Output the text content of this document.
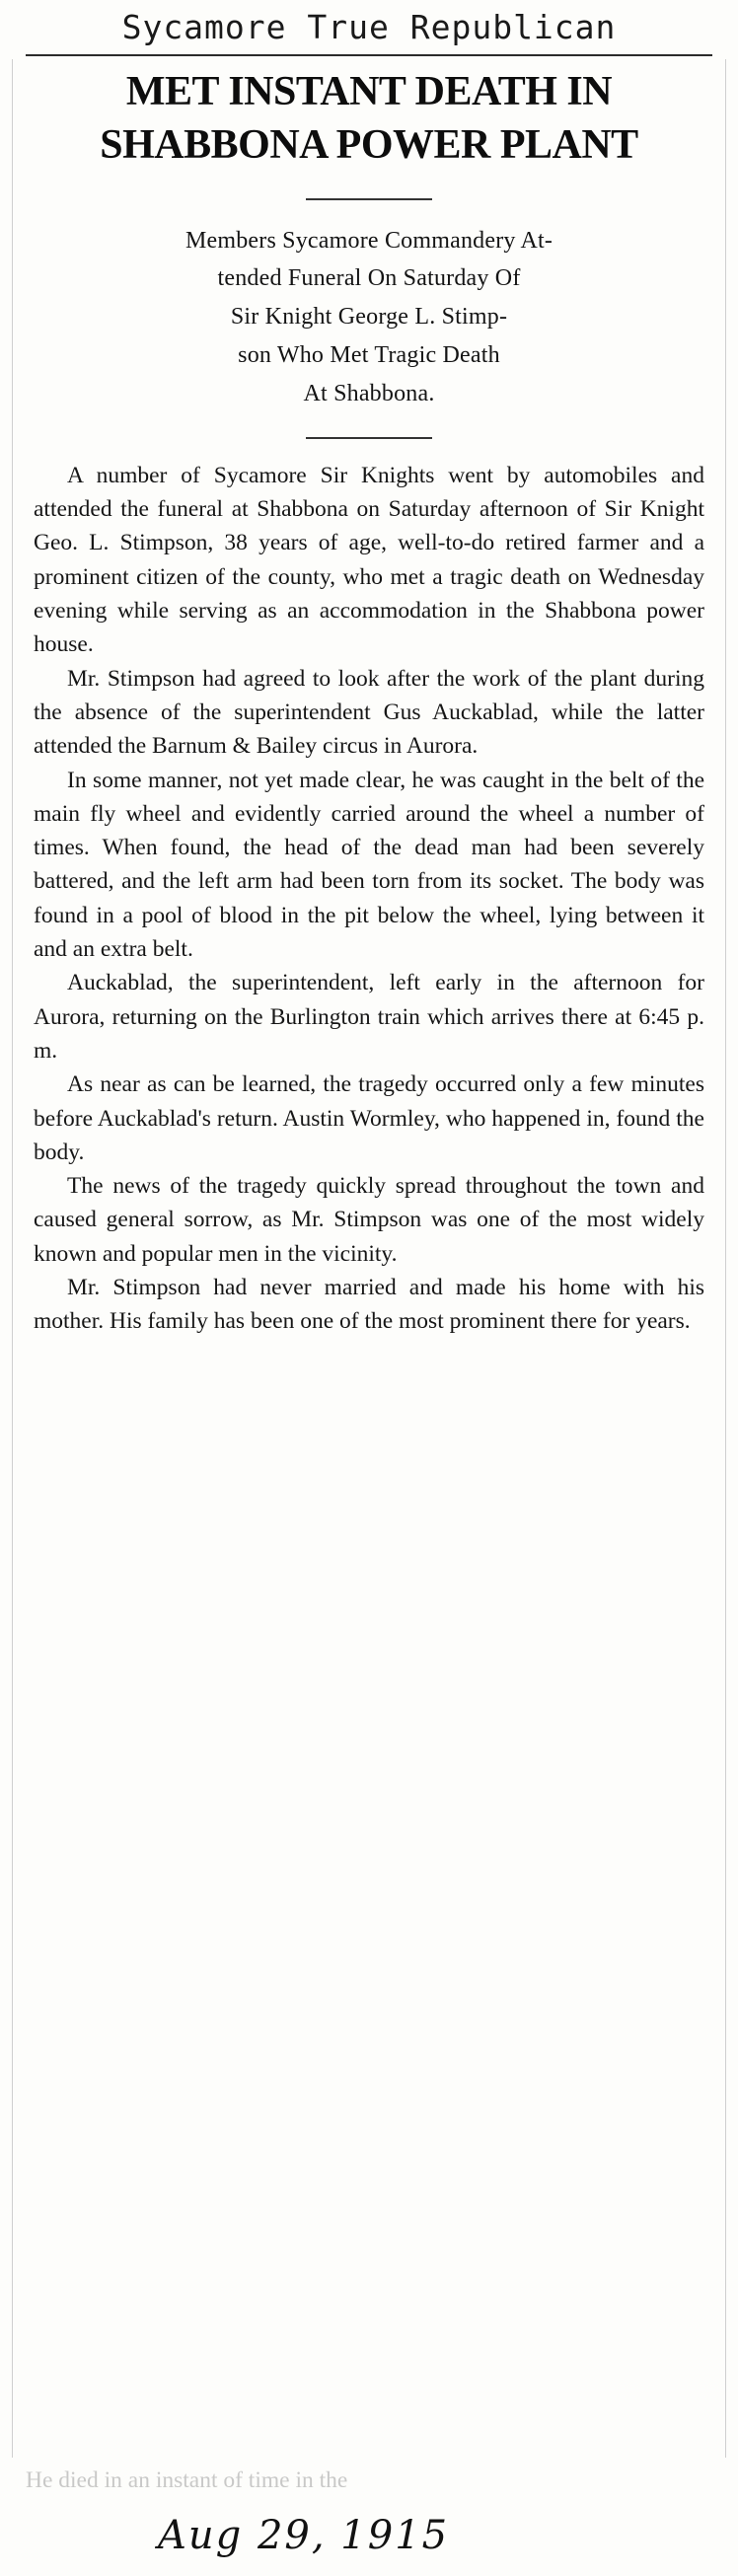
Sycamore True Republican
MET INSTANT DEATH IN
SHABBONA POWER PLANT
Members Sycamore Commandery At-
tended Funeral On Saturday Of
Sir Knight George L. Stimp-
son Who Met Tragic Death
At Shabbona.

A number of Sycamore Sir Knights went by automobiles and attended the funeral at Shabbona on Saturday afternoon of Sir Knight Geo. L. Stimpson, 38 years of age, well-to-do retired farmer and a prominent citizen of the county, who met a tragic death on Wednesday evening while serving as an accommodation in the Shabbona power house.

Mr. Stimpson had agreed to look after the work of the plant during the absence of the superintendent Gus Auckablad, while the latter attended the Barnum & Bailey circus in Aurora.

In some manner, not yet made clear, he was caught in the belt of the main fly wheel and evidently carried around the wheel a number of times. When found, the head of the dead man had been severely battered, and the left arm had been torn from its socket. The body was found in a pool of blood in the pit below the wheel, lying between it and an extra belt.

Auckablad, the superintendent, left early in the afternoon for Aurora, returning on the Burlington train which arrives there at 6:45 p. m.

As near as can be learned, the tragedy occurred only a few minutes before Auckablad's return. Austin Wormley, who happened in, found the body.

The news of the tragedy quickly spread throughout the town and caused general sorrow, as Mr. Stimpson was one of the most widely known and popular men in the vicinity.

Mr. Stimpson had never married and made his home with his mother. His family has been one of the most prominent there for years.

He died in an instant of time in the
Aug 29, 1915
